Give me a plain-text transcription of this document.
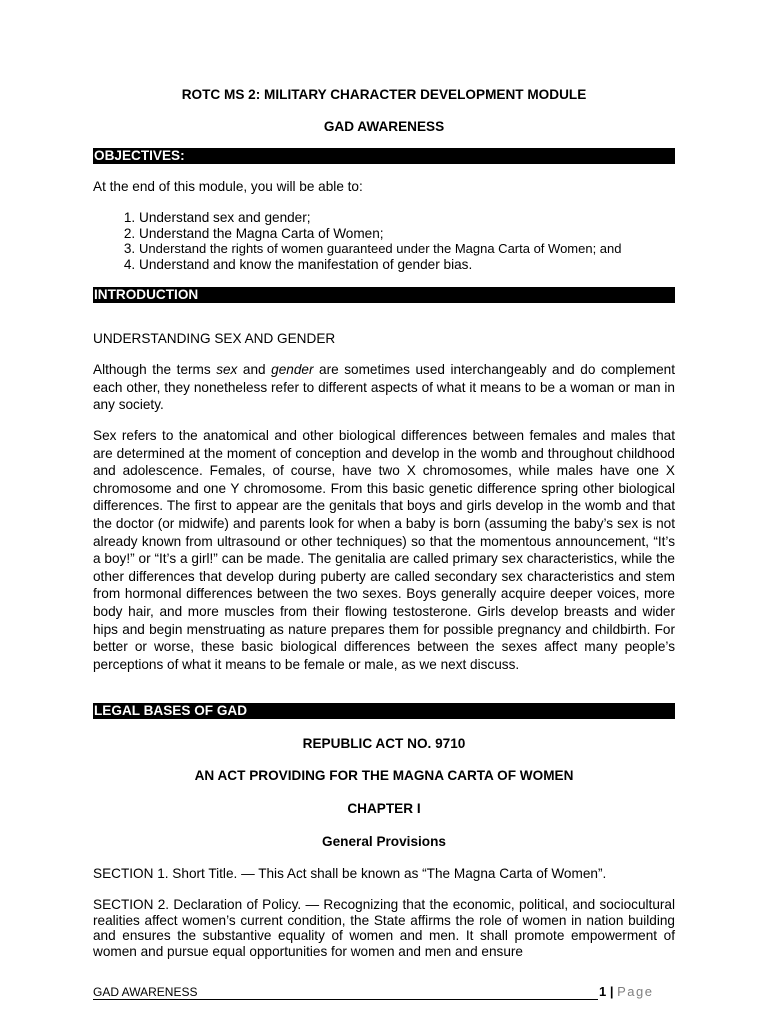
ROTC MS 2: MILITARY CHARACTER DEVELOPMENT MODULE
GAD AWARENESS
OBJECTIVES:
At the end of this module, you will be able to:
1. Understand sex and gender;
2. Understand the Magna Carta of Women;
3. Understand the rights of women guaranteed under the Magna Carta of Women; and
4. Understand and know the manifestation of gender bias.
INTRODUCTION
UNDERSTANDING SEX AND GENDER

Although the terms sex and gender are sometimes used interchangeably and do complement each other, they nonetheless refer to different aspects of what it means to be a woman or man in any society.

Sex refers to the anatomical and other biological differences between females and males that are determined at the moment of conception and develop in the womb and throughout childhood and adolescence. Females, of course, have two X chromosomes, while males have one X chromosome and one Y chromosome. From this basic genetic difference spring other biological differences. The first to appear are the genitals that boys and girls develop in the womb and that the doctor (or midwife) and parents look for when a baby is born (assuming the baby’s sex is not already known from ultrasound or other techniques) so that the momentous announcement, “It’s a boy!” or “It’s a girl!” can be made. The genitalia are called primary sex characteristics, while the other differences that develop during puberty are called secondary sex characteristics and stem from hormonal differences between the two sexes. Boys generally acquire deeper voices, more body hair, and more muscles from their flowing testosterone. Girls develop breasts and wider hips and begin menstruating as nature prepares them for possible pregnancy and childbirth. For better or worse, these basic biological differences between the sexes affect many people’s perceptions of what it means to be female or male, as we next discuss.

LEGAL BASES OF GAD
REPUBLIC ACT NO. 9710
AN ACT PROVIDING FOR THE MAGNA CARTA OF WOMEN
CHAPTER I
General Provisions
SECTION 1. Short Title. — This Act shall be known as “The Magna Carta of Women”.

SECTION 2. Declaration of Policy. — Recognizing that the economic, political, and sociocultural realities affect women’s current condition, the State affirms the role of women in nation building and ensures the substantive equality of women and men. It shall promote empowerment of women and pursue equal opportunities for women and men and ensure

GAD AWARENESS	1 | Page
